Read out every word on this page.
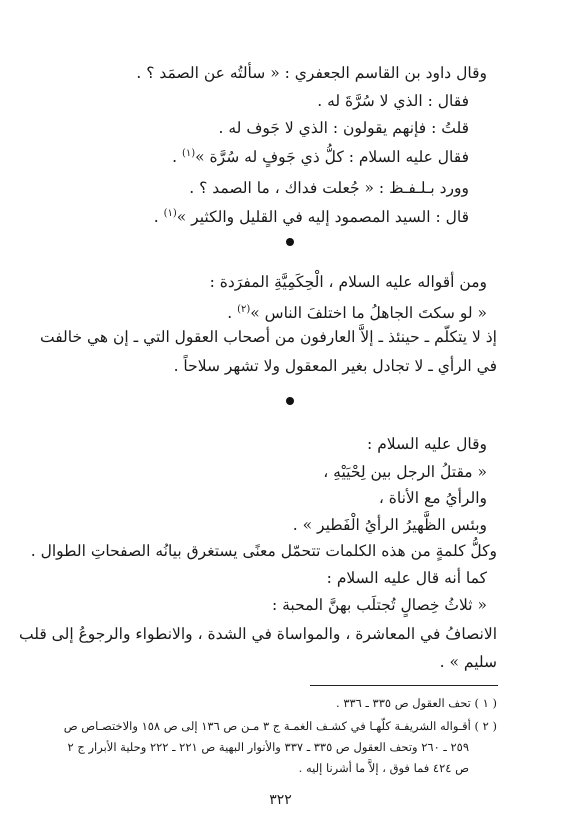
وقال داود بن القاسم الجعفري : « سألتُه عن الصمَد ؟ .
فقال : الذي لا سُرَّةَ له .
قلتُ : فإنهم يقولون : الذي لا جَوف له .
فقال عليه السلام : كلُّ ذي جَوفٍ له سُرَّة »$^{(١)}$ .
وورد بـلـفـظ : « جُعلت فداك ، ما الصمد ؟ .
قال : السيد المصمود إليه في القليل والكثير »$^{(١)}$ .
ومن أقواله عليه السلام ، الْحِكَمِيَّةِ المفرَدة :
« لو سكتَ الجاهلُ ما اختلفَ الناس »$^{(٢)}$ .
إذ لا يتكلّم ـ حينئذ ـ إلاَّ العارفون من أصحاب العقول التي ـ إن هي خالفت
في الرأي ـ لا تجادل بغير المعقول ولا تشهر سلاحاً .
وقال عليه السلام :
« مقتلُ الرجل بين لِحْيَيْهِ ،
والرأيُ مع الأناة ،
وبئس الظَّهيرُ الرأيُ الْفَطير » .
وكلُّ كلمةٍ من هذه الكلمات تتحمّل معنًى يستغرق بيانُه الصفحاتِ الطوال .
كما أنه قال عليه السلام :
« ثلاثُ خِصالٍ تُجتلَب بهنَّ المحبة :
الانصافُ في المعاشرة ، والمواساة في الشدة ، والانطواء والرجوعُ إلى قلب
سليم » .
( ١ ) تحف العقول ص ٣٣٥ ـ ٣٣٦ .
( ٢ ) أقـواله الشريفـة كلّهـا في كشـف الغمـة ج ٣ مـن ص ١٣٦ إلى ص ١٥٨ والاختصـاص ص
٢٥٩ ـ ٢٦٠ وتحف العقول ص ٣٣٥ ـ ٣٣٧ والأنوار البهية ص ٢٢١ ـ ٢٢٢ وحلية الأبرار ج ٢
ص ٤٢٤ فما فوق ، إلاَّ ما أشرنا إليه .
٣٢٢
